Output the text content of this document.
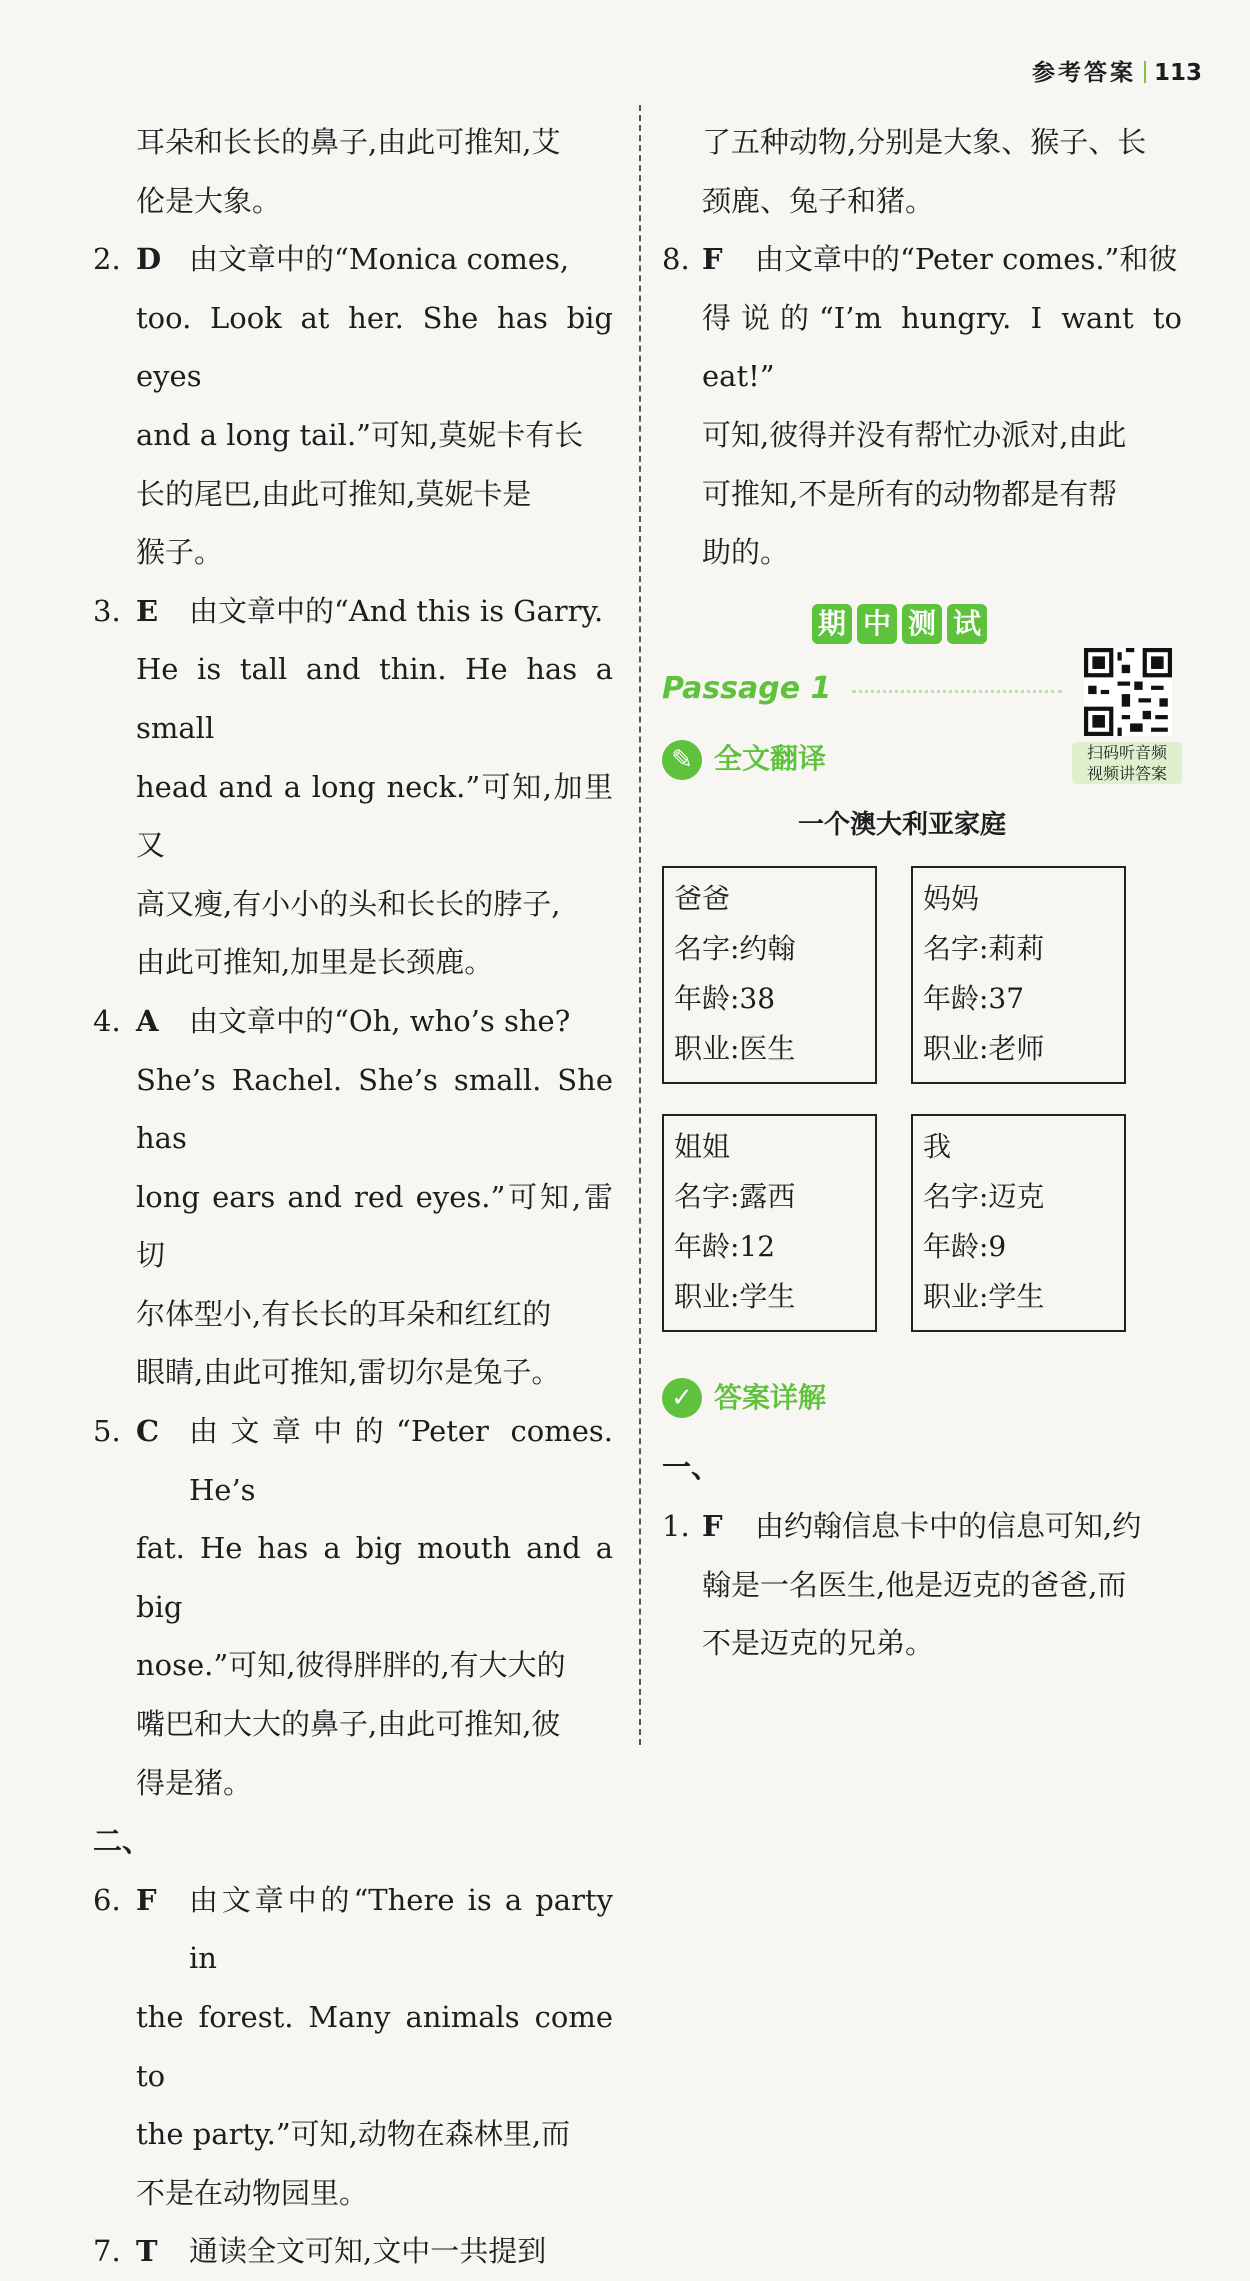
参考答案 113
耳朵和长长的鼻子,由此可推知,艾
伦是大象。
2. D 由文章中的“Monica comes,
too. Look at her. She has big eyes
and a long tail.”可知,莫妮卡有长
长的尾巴,由此可推知,莫妮卡是
猴子。
3. E	由文章中的“And this is Garry.
He is tall and thin. He has a small
head and a long neck.”可知,加里又
高又瘦,有小小的头和长长的脖子,
由此可推知,加里是长颈鹿。
4. A	由文章中的“Oh, who’s she?
She’s Rachel. She’s small. She has
long ears and red eyes.”可知,雷切
尔体型小,有长长的耳朵和红红的
眼睛,由此可推知,雷切尔是兔子。
5. C	由文章中的“Peter comes. He’s
fat. He has a big mouth and a big
nose.”可知,彼得胖胖的,有大大的
嘴巴和大大的鼻子,由此可推知,彼
得是猪。
二、
6. F	由文章中的“There is a party in
the forest. Many animals come to
the party.”可知,动物在森林里,而
不是在动物园里。
7. T	通读全文可知,文中一共提到
了五种动物,分别是大象、猴子、长
颈鹿、兔子和猪。
8. F	由文章中的“Peter comes.”和彼
得说的“I’m hungry. I want to eat!”
可知,彼得并没有帮忙办派对,由此
可推知,不是所有的动物都是有帮
助的。
期 中 测 试
Passage 1
扫码听音频
视频讲答案
✎ 全文翻译
一个澳大利亚家庭
爸爸
名字:约翰
年龄:38
职业:医生
妈妈
名字:莉莉
年龄:37
职业:老师
姐姐
名字:露西
年龄:12
职业:学生
我
名字:迈克
年龄:9
职业:学生
✓ 答案详解
一、
1. F	由约翰信息卡中的信息可知,约
翰是一名医生,他是迈克的爸爸,而
不是迈克的兄弟。
